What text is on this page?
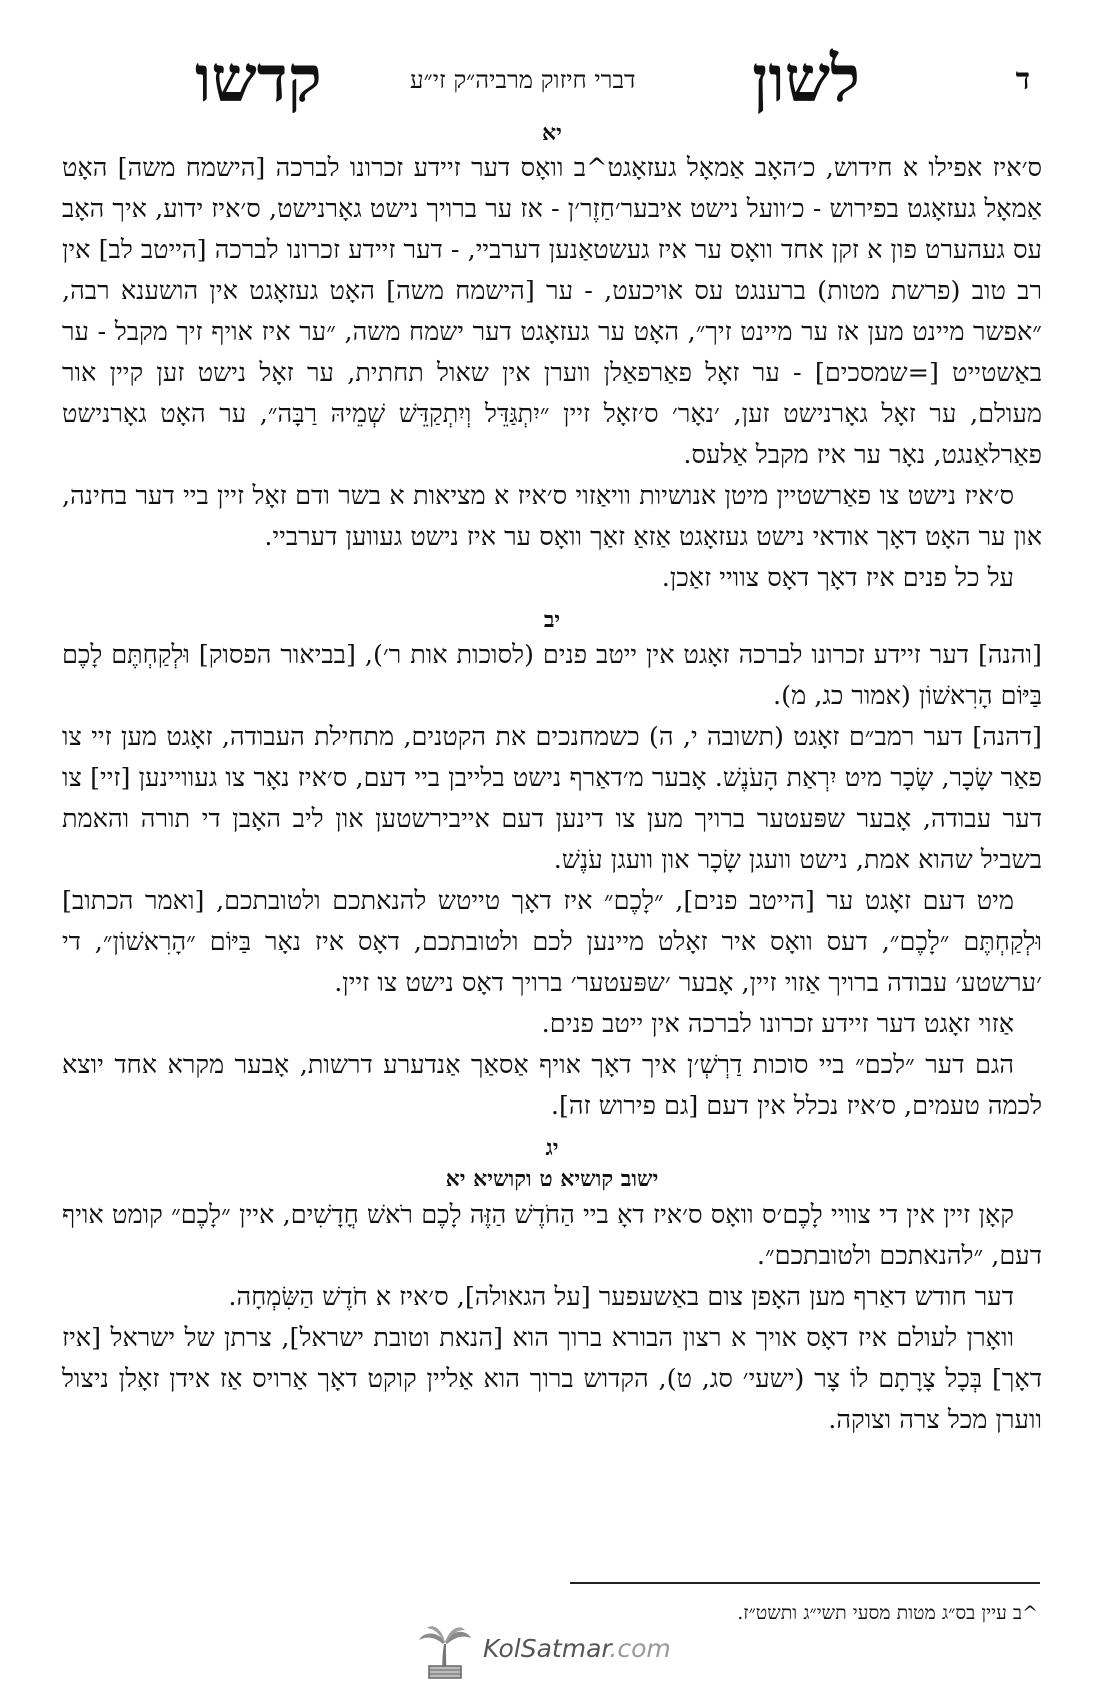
ד
לשון
דברי חיזוק מרביה״ק זי״ע
קדשו
יא

ס׳איז אפילו א חידוש, כ׳האָב אַמאָל געזאָגט^ב וואָס דער זיידע זכרונו לברכה [הישמח משה] האָט אַמאָל געזאָגט בפירוש - כ׳וועל נישט איבער׳חַזֶר׳ן - אז ער ברויך נישט גאָרנישט, ס׳איז ידוע, איך האָב עס געהערט פון א זקן אחד וואָס ער איז געשטאַנען דערביי, - דער זיידע זכרונו לברכה [הייטב לב] אין רב טוב (פרשת מטות) ברענגט עס אויכעט, - ער [הישמח משה] האָט געזאָגט אין הושענא רבה, ״אפשר מיינט מען אז ער מיינט זיך״, האָט ער געזאָגט דער ישמח משה, ״ער איז אויף זיך מקבל - ער באַשטייט [=שמסכים] - ער זאָל פאַרפאַלן ווערן אין שאול תחתית, ער זאָל נישט זען קיין אור מעולם, ער זאָל גאָרנישט זען, ׳נאָר׳ ס׳זאָל זיין ״יִתְגַּדֵּל וְיִתְקַדֵּשׁ שְׁמֵיהּ רַבָּה״, ער האָט גאָרנישט פאַרלאַנגט, נאָר ער איז מקבל אַלעס.

ס׳איז נישט צו פאַרשטיין מיטן אנושיות וויאַזוי ס׳איז א מציאות א בשר ודם זאָל זיין ביי דער בחינה, און ער האָט דאָך אודאי נישט געזאָגט אַזאַ זאַך וואָס ער איז נישט געווען דערביי.

על כל פנים איז דאָך דאָס צוויי זאַכן.

יב

[והנה] דער זיידע זכרונו לברכה זאָגט אין ייטב פנים (לסוכות אות ר׳), [בביאור הפסוק] וּלְקַחְתֶּם לָכֶם בַּיּוֹם הָרִאשׁוֹן (אמור כג, מ).

[דהנה] דער רמב״ם זאָגט (תשובה י, ה) כשמחנכים את הקטנים, מתחילת העבודה, זאָגט מען זיי צו פאַר שָׂכָר, שָׂכָר מיט יִרְאַת הָעֹנֶשׁ. אָבער מ׳דאַרף נישט בלייבן ביי דעם, ס׳איז נאָר צו געוויינען [זיי] צו דער עבודה, אָבער שפּעטער ברויך מען צו דינען דעם אייבירשטען און ליב האָבן די תורה והאמת בשביל שהוא אמת, נישט וועגן שָׂכָר און וועגן עֹנֶשׁ.

מיט דעם זאָגט ער [הייטב פנים], ״לָכֶם״ איז דאָך טייטש להנאתכם ולטובתכם, [ואמר הכתוב] וּלְקַחְתֶּם ״לָכֶם״, דעס וואָס איר זאָלט מיינען לכם ולטובתכם, דאָס איז נאָר בַּיּוֹם ״הָרִאשׁוֹן״, די ׳ערשטע׳ עבודה ברויך אַזוי זיין, אָבער ׳שפּעטער׳ ברויך דאָס נישט צו זיין.

אַזוי זאָגט דער זיידע זכרונו לברכה אין ייטב פנים.

הגם דער ״לכם״ ביי סוכות דַרְשְׁ׳ן איך דאָך אויף אַסאַך אַנדערע דרשות, אָבער מקרא אחד יוצא לכמה טעמים, ס׳איז נכלל אין דעם [גם פירוש זה].

יג
ישוב קושיא ט וקושיא יא

קאָן זיין אין די צוויי לָכֶם׳ס וואָס ס׳איז דאָ ביי הַחֹדֶשׁ הַזֶּה לָכֶם רֹאשׁ חֳדָשִׁים, איין ״לָכֶם״ קומט אויף דעם, ״להנאתכם ולטובתכם״.

דער חודש דאַרף מען האָפן צום באַשעפער [על הגאולה], ס׳איז א חֹדֶשׁ הַשִּׂמְחָה.

וואָרן לעולם איז דאָס אויך א רצון הבורא ברוך הוא [הנאת וטובת ישראל], צרתן של ישראל [איז דאָך] בְּכָל צָרָתָם לוֹ צָר (ישעי׳ סג, ט), הקדוש ברוך הוא אַליין קוקט דאָך אַרויס אַז אידן זאָלן ניצול ווערן מכל צרה וצוקה.

^ב עיין בס״ג מטות מסעי תשי״ג ותשט״ז.
KolSatmar.com
